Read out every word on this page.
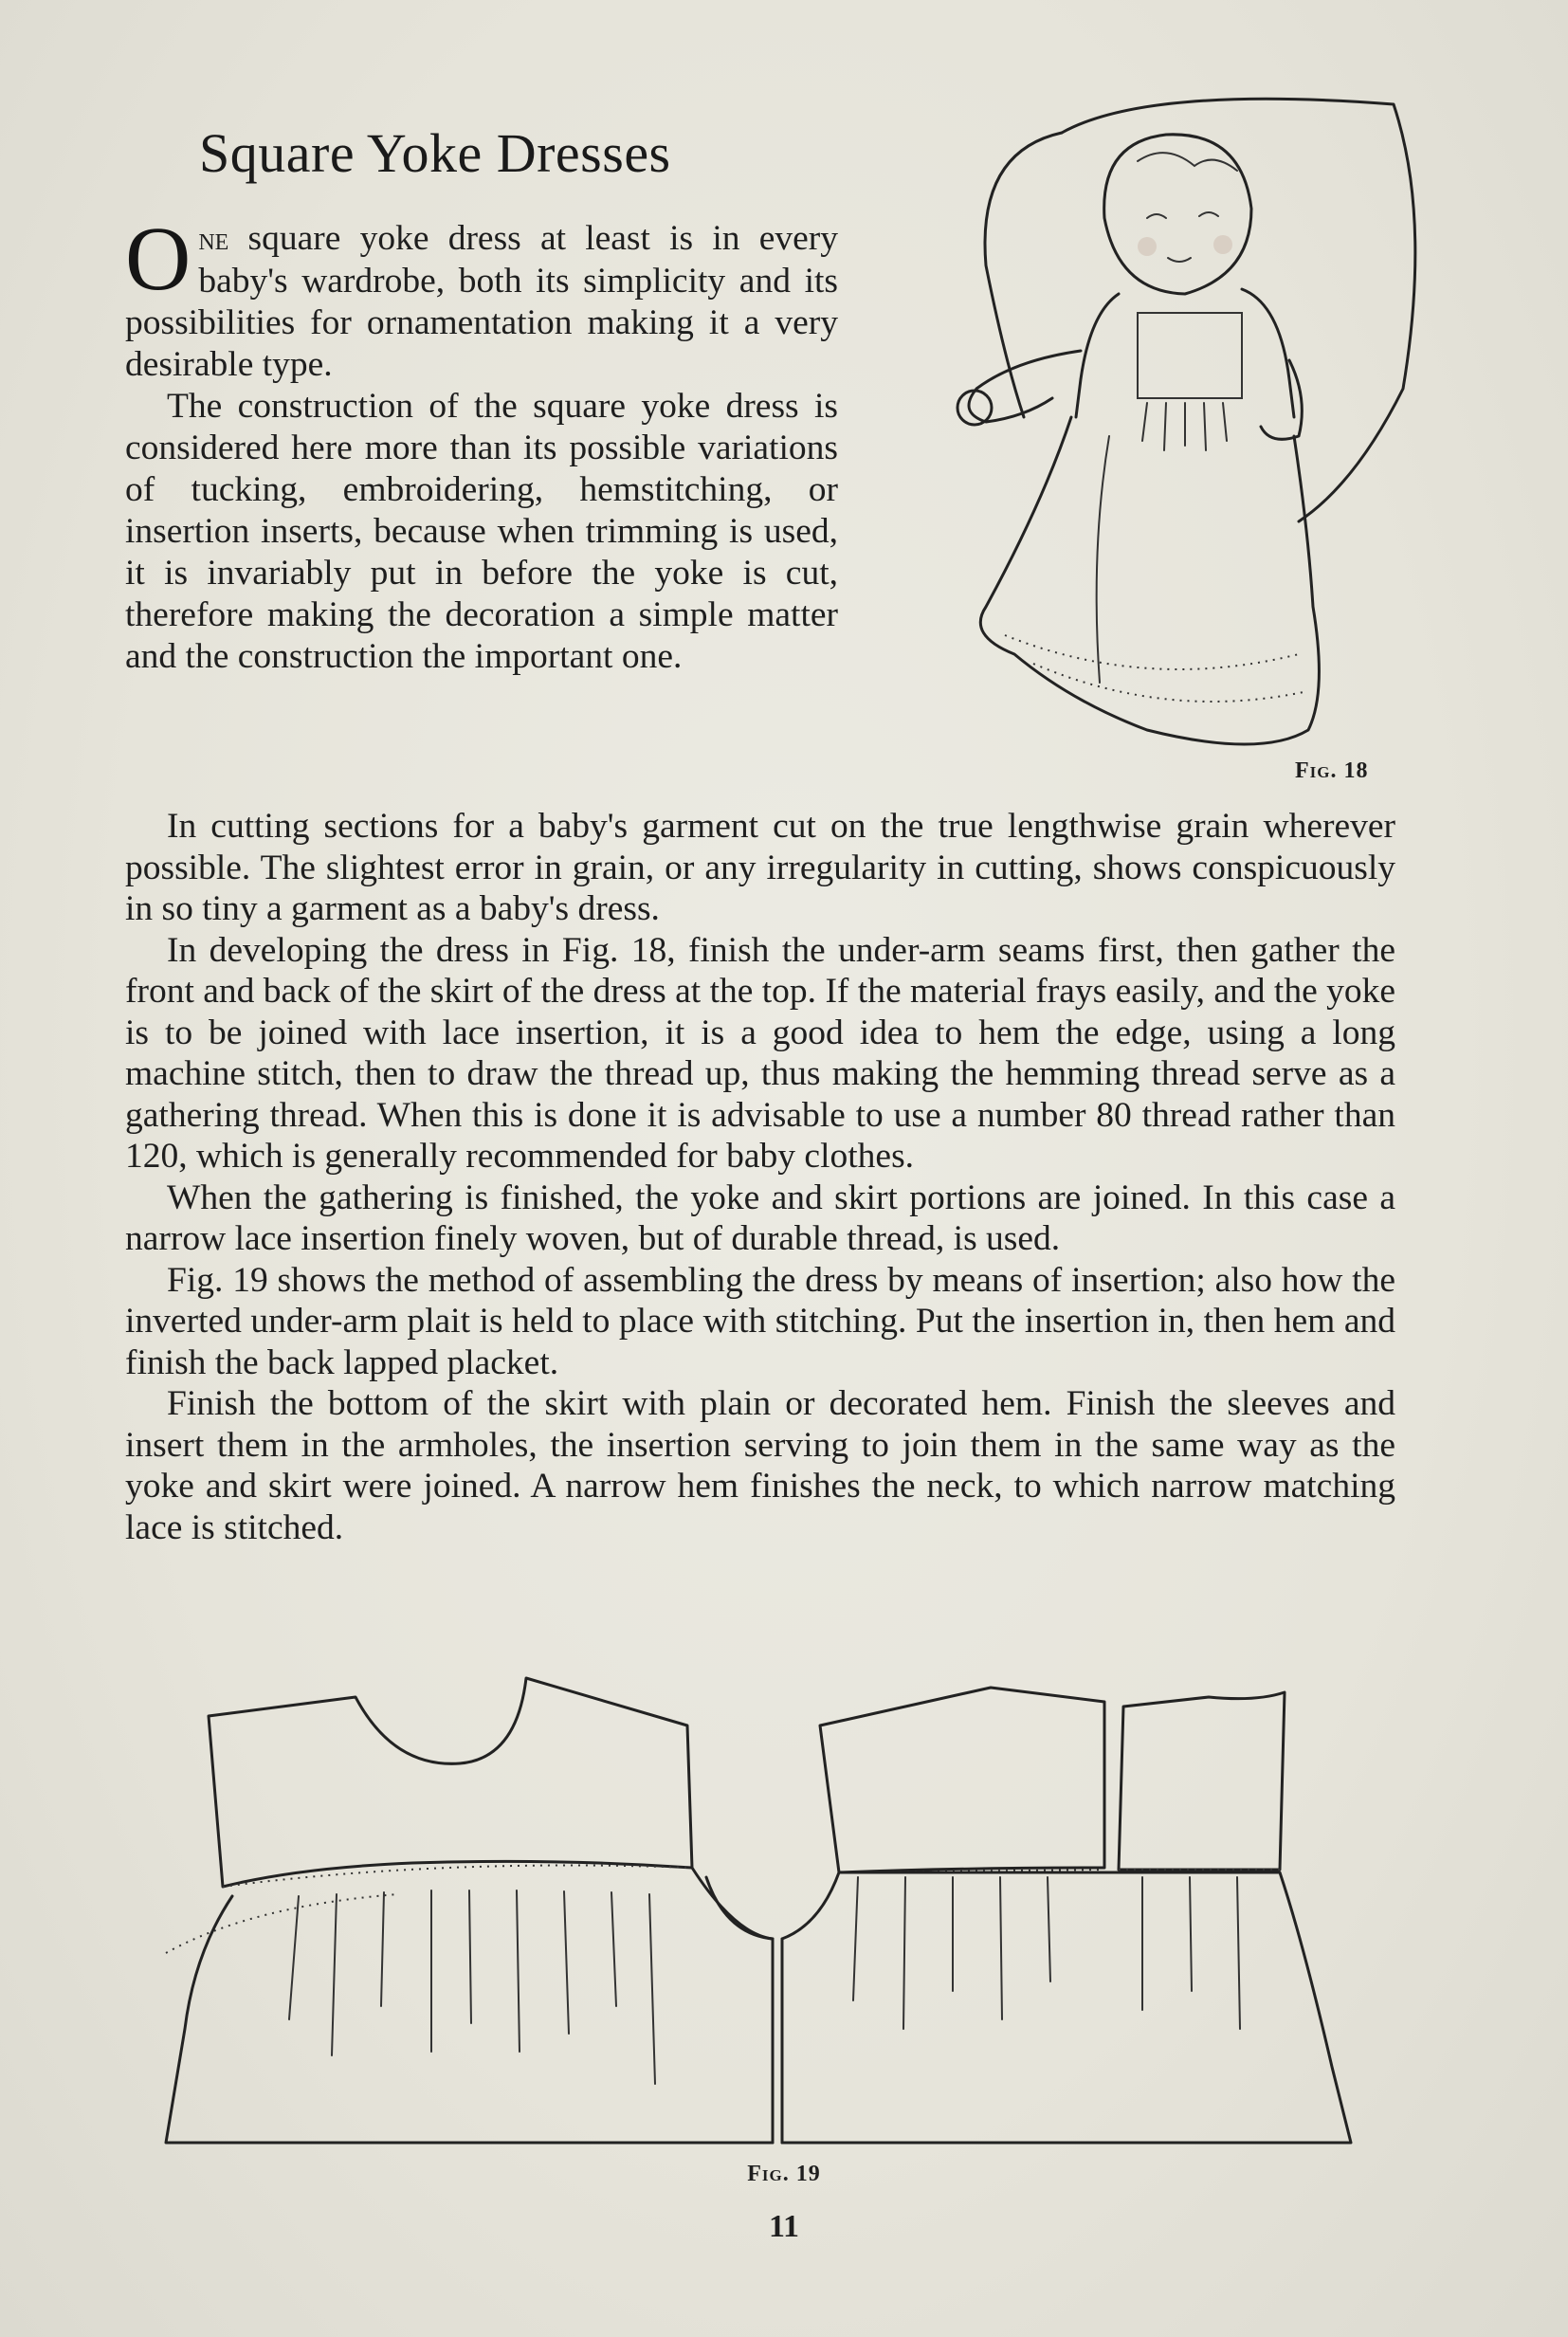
Square Yoke Dresses

One square yoke dress at least is in every baby's wardrobe, both its simplicity and its possibilities for ornamentation making it a very desirable type.

The construction of the square yoke dress is considered here more than its possible variations of tucking, embroidering, hemstitching, or insertion inserts, because when trimming is used, it is invariably put in before the yoke is cut, therefore making the decoration a simple matter and the construction the important one.

Fig. 18

In cutting sections for a baby's garment cut on the true lengthwise grain wherever possible. The slightest error in grain, or any irregularity in cutting, shows conspicuously in so tiny a garment as a baby's dress.

In developing the dress in Fig. 18, finish the under-arm seams first, then gather the front and back of the skirt of the dress at the top. If the material frays easily, and the yoke is to be joined with lace insertion, it is a good idea to hem the edge, using a long machine stitch, then to draw the thread up, thus making the hemming thread serve as a gathering thread. When this is done it is advisable to use a number 80 thread rather than 120, which is generally recommended for baby clothes.

When the gathering is finished, the yoke and skirt portions are joined. In this case a narrow lace insertion finely woven, but of durable thread, is used.

Fig. 19 shows the method of assembling the dress by means of insertion; also how the inverted under-arm plait is held to place with stitching. Put the insertion in, then hem and finish the back lapped placket.

Finish the bottom of the skirt with plain or decorated hem. Finish the sleeves and insert them in the armholes, the insertion serving to join them in the same way as the yoke and skirt were joined. A narrow hem finishes the neck, to which narrow matching lace is stitched.

Fig. 19
11
